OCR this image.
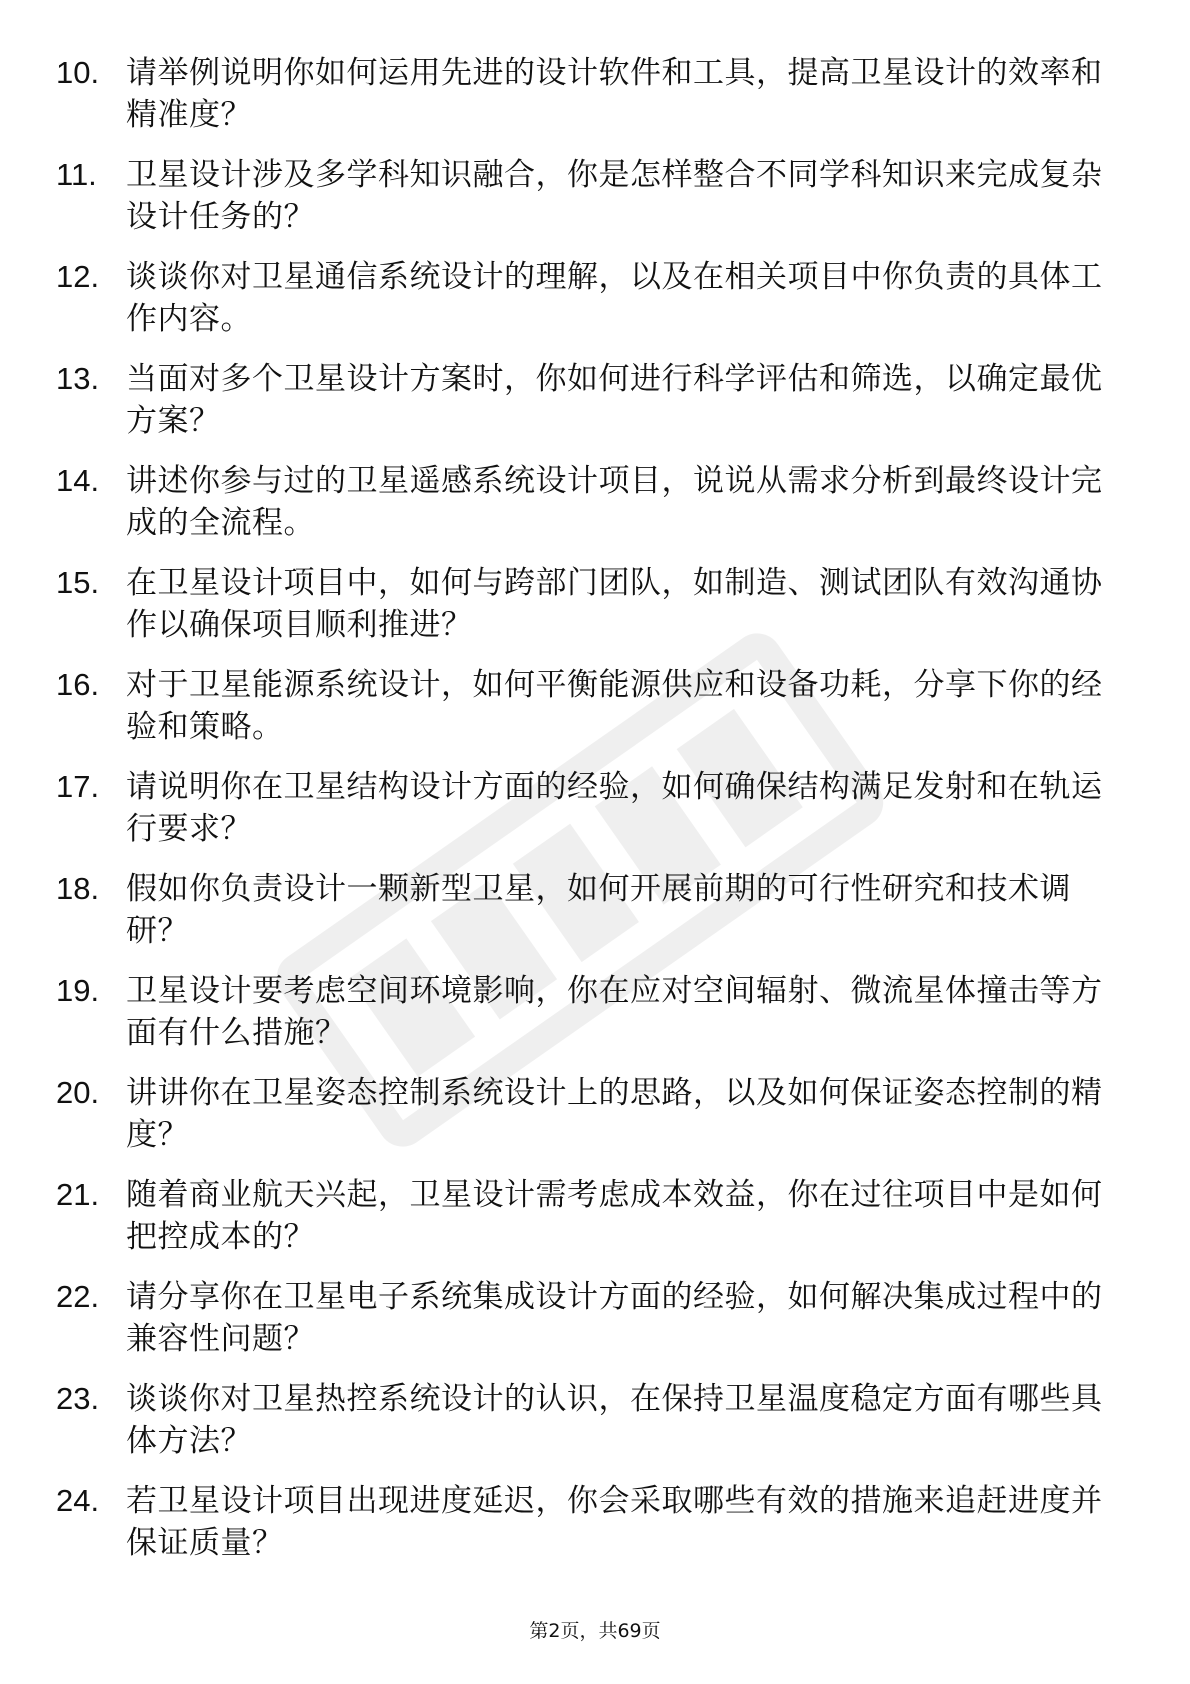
10. 请举例说明你如何运用先进的设计软件和工具，提高卫星设计的效率和精准度？
11. 卫星设计涉及多学科知识融合，你是怎样整合不同学科知识来完成复杂设计任务的？
12. 谈谈你对卫星通信系统设计的理解，以及在相关项目中你负责的具体工作内容。
13. 当面对多个卫星设计方案时，你如何进行科学评估和筛选，以确定最优方案？
14. 讲述你参与过的卫星遥感系统设计项目，说说从需求分析到最终设计完成的全流程。
15. 在卫星设计项目中，如何与跨部门团队，如制造、测试团队有效沟通协作以确保项目顺利推进？
16. 对于卫星能源系统设计，如何平衡能源供应和设备功耗，分享下你的经验和策略。
17. 请说明你在卫星结构设计方面的经验，如何确保结构满足发射和在轨运行要求？
18. 假如你负责设计一颗新型卫星，如何开展前期的可行性研究和技术调研？
19. 卫星设计要考虑空间环境影响，你在应对空间辐射、微流星体撞击等方面有什么措施？
20. 讲讲你在卫星姿态控制系统设计上的思路，以及如何保证姿态控制的精度？
21. 随着商业航天兴起，卫星设计需考虑成本效益，你在过往项目中是如何把控成本的？
22. 请分享你在卫星电子系统集成设计方面的经验，如何解决集成过程中的兼容性问题？
23. 谈谈你对卫星热控系统设计的认识，在保持卫星温度稳定方面有哪些具体方法？
24. 若卫星设计项目出现进度延迟，你会采取哪些有效的措施来追赶进度并保证质量？
第2页，共69页
